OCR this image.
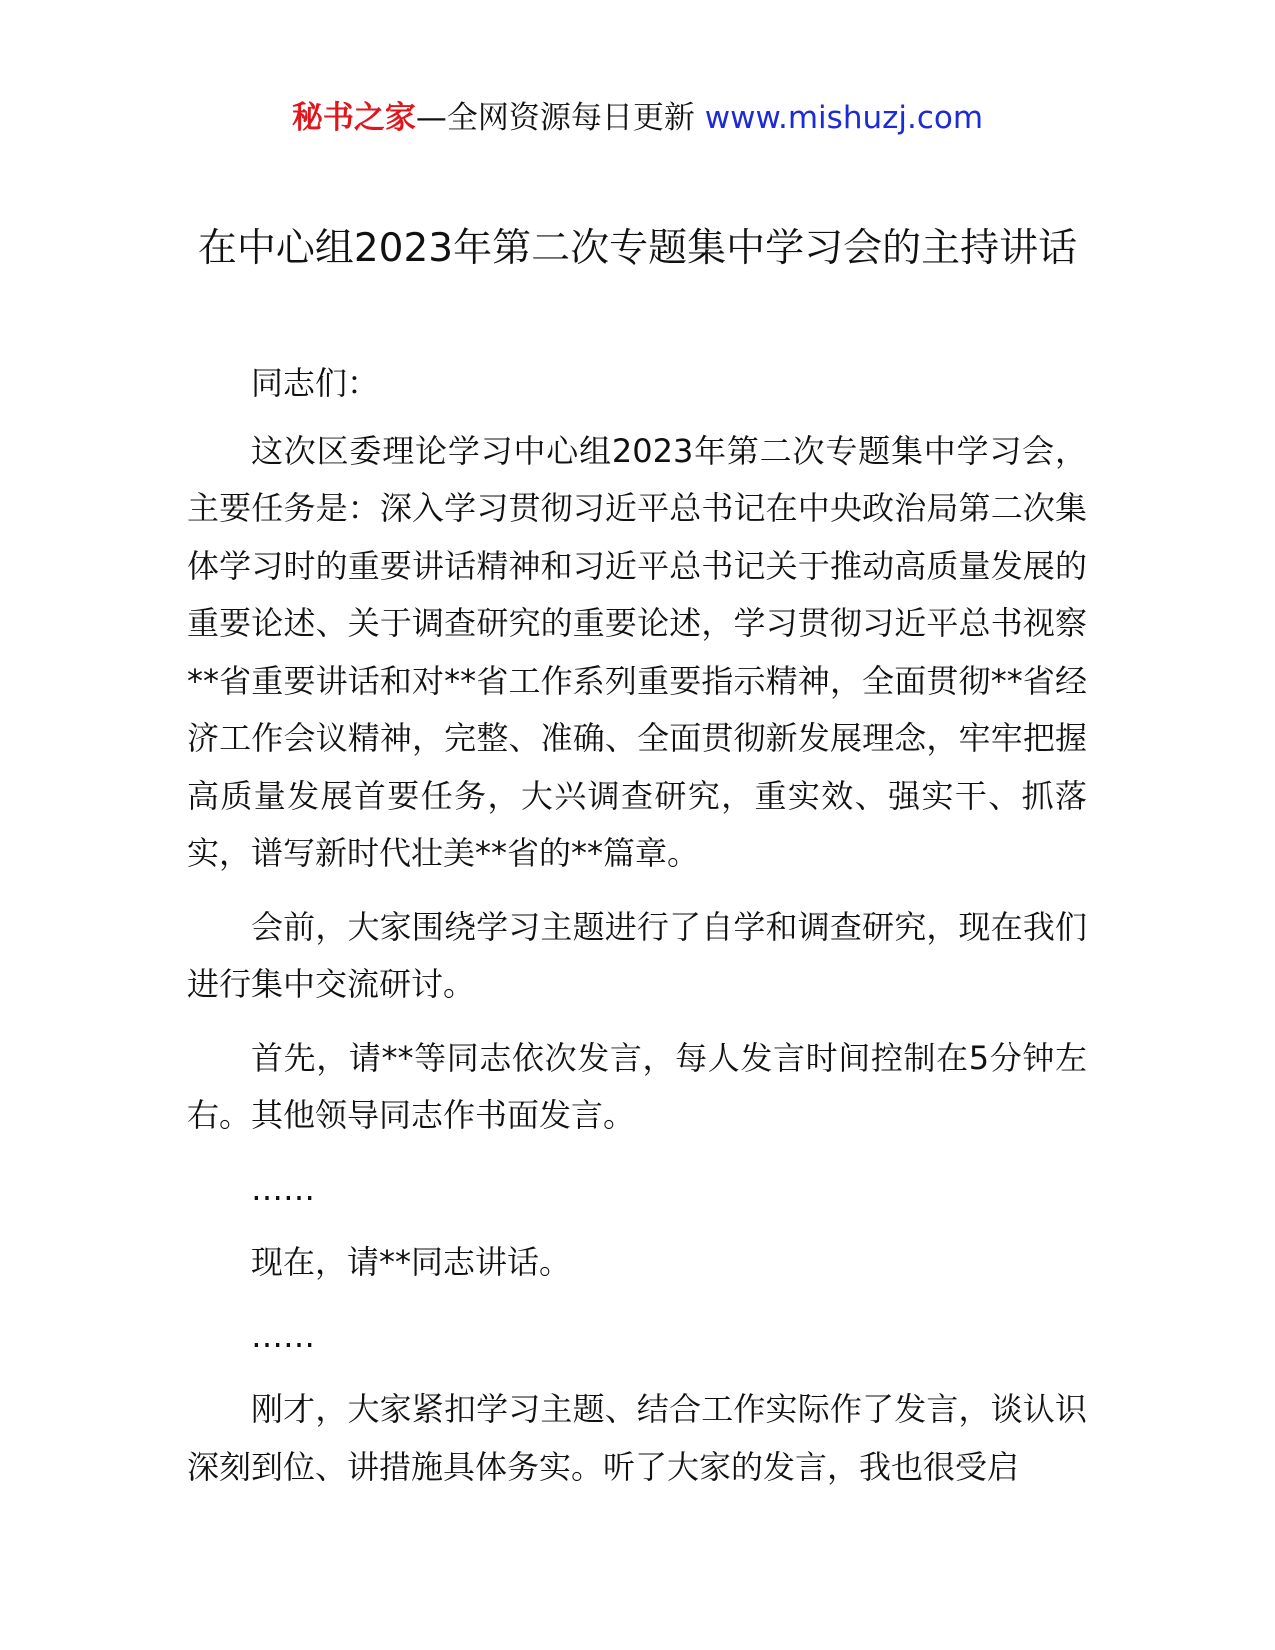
秘书之家—全网资源每日更新 www.mishuzj.com
在中心组2023年第二次专题集中学习会的主持讲话

同志们：

这次区委理论学习中心组2023年第二次专题集中学习会，主要任务是：深入学习贯彻习近平总书记在中央政治局第二次集体学习时的重要讲话精神和习近平总书记关于推动高质量发展的重要论述、关于调查研究的重要论述，学习贯彻习近平总书视察**省重要讲话和对**省工作系列重要指示精神，全面贯彻**省经济工作会议精神，完整、准确、全面贯彻新发展理念，牢牢把握高质量发展首要任务，大兴调查研究，重实效、强实干、抓落实，谱写新时代壮美**省的**篇章。

会前，大家围绕学习主题进行了自学和调查研究，现在我们进行集中交流研讨。

首先，请**等同志依次发言，每人发言时间控制在5分钟左右。其他领导同志作书面发言。

……

现在，请**同志讲话。

……

刚才，大家紧扣学习主题、结合工作实际作了发言，谈认识深刻到位、讲措施具体务实。听了大家的发言，我也很受启
